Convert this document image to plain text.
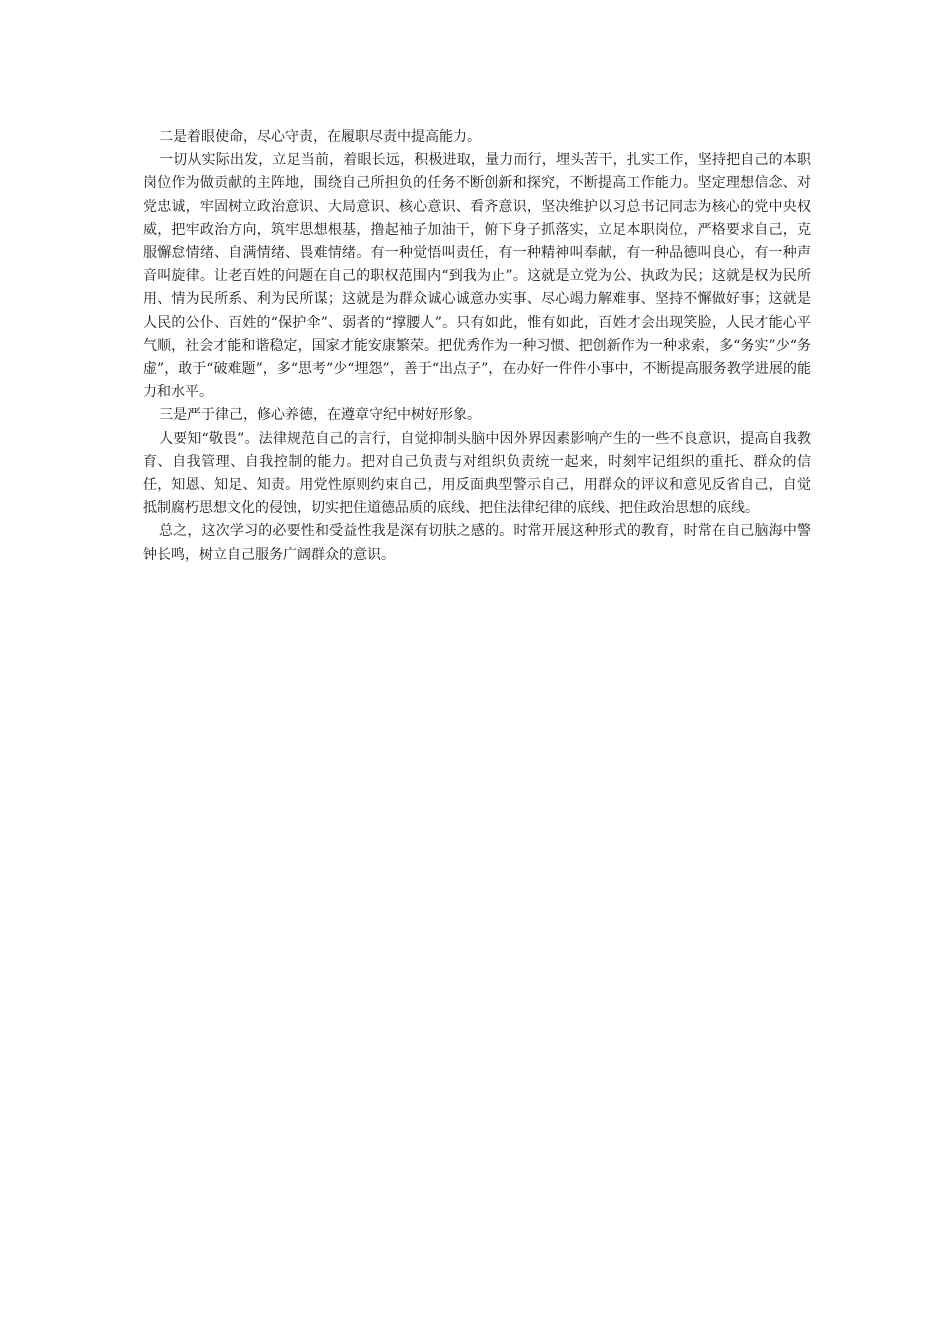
二是着眼使命，尽心守责，在履职尽责中提高能力。

一切从实际出发，立足当前，着眼长远，积极进取，量力而行，埋头苦干，扎实工作，坚持把自己的本职岗位作为做贡献的主阵地，围绕自己所担负的任务不断创新和探究，不断提高工作能力。坚定理想信念、对党忠诚，牢固树立政治意识、大局意识、核心意识、看齐意识，坚决维护以习总书记同志为核心的党中央权威，把牢政治方向，筑牢思想根基，撸起袖子加油干，俯下身子抓落实，立足本职岗位，严格要求自己，克服懈怠情绪、自满情绪、畏难情绪。有一种觉悟叫责任，有一种精神叫奉献，有一种品德叫良心，有一种声音叫旋律。让老百姓的问题在自己的职权范围内“到我为止”。这就是立党为公、执政为民；这就是权为民所用、情为民所系、利为民所谋；这就是为群众诚心诚意办实事、尽心竭力解难事、坚持不懈做好事；这就是人民的公仆、百姓的“保护伞”、弱者的“撑腰人”。只有如此，惟有如此，百姓才会出现笑脸，人民才能心平气顺，社会才能和谐稳定，国家才能安康繁荣。把优秀作为一种习惯、把创新作为一种求索，多“务实”少“务虚”，敢于“破难题”，多“思考”少“埋怨”，善于“出点子”，在办好一件件小事中，不断提高服务教学进展的能力和水平。

三是严于律己，修心养德，在遵章守纪中树好形象。

人要知“敬畏”。法律规范自己的言行，自觉抑制头脑中因外界因素影响产生的一些不良意识，提高自我教育、自我管理、自我控制的能力。把对自己负责与对组织负责统一起来，时刻牢记组织的重托、群众的信任，知恩、知足、知责。用党性原则约束自己，用反面典型警示自己，用群众的评议和意见反省自己，自觉抵制腐朽思想文化的侵蚀，切实把住道德品质的底线、把住法律纪律的底线、把住政治思想的底线。

总之，这次学习的必要性和受益性我是深有切肤之感的。时常开展这种形式的教育，时常在自己脑海中警钟长鸣，树立自己服务广阔群众的意识。
